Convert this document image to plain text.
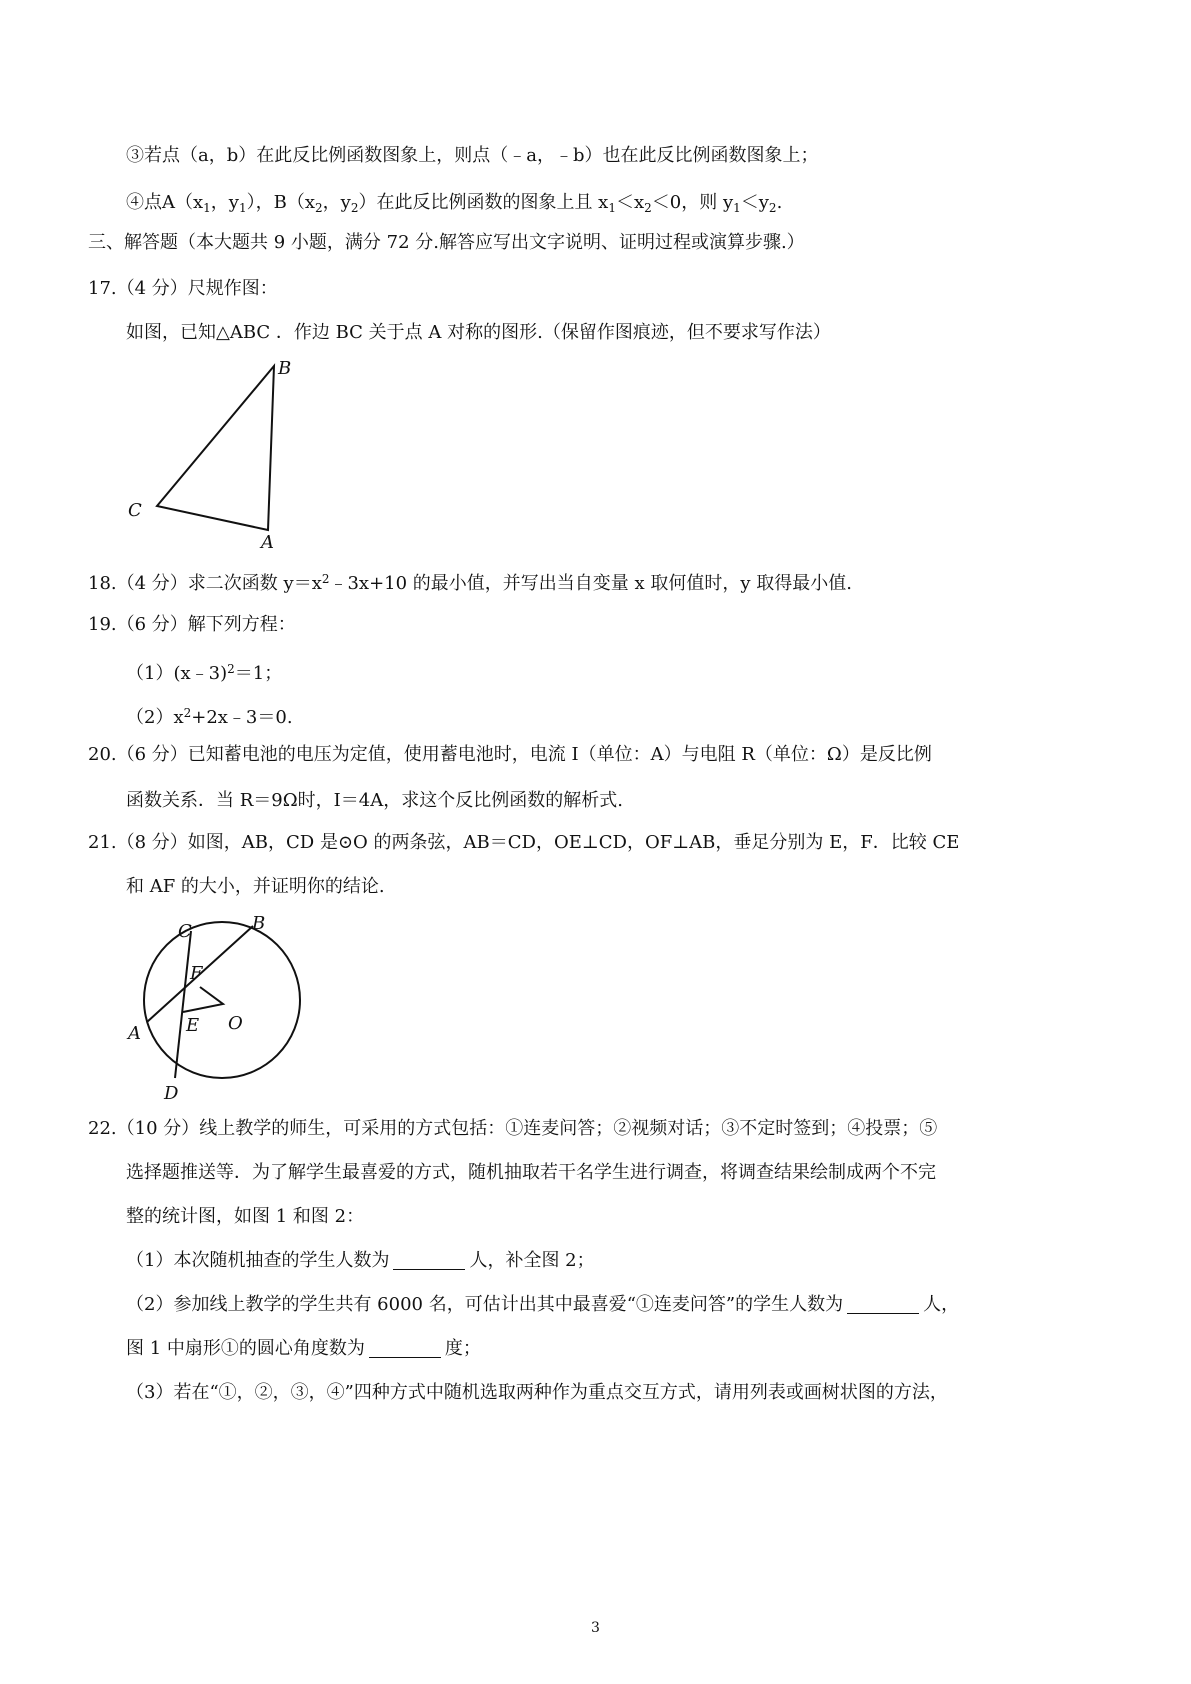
③若点（a，b）在此反比例函数图象上，则点（﹣a，﹣b）也在此反比例函数图象上；
④点$A(x_1$，$y_1$），$B(x_2$，$y_2$）在此反比例函数的图象上且 $x_1<x_2<0$，则 $y_1<y_2$.
三、解答题（本大题共 9 小题，满分 72 分.解答应写出文字说明、证明过程或演算步骤.）
17.（4 分）尺规作图：
如图，已知△ABC ．作边 BC 关于点 A 对称的图形.（保留作图痕迹，但不要求写作法）
B
C
A
18.（4 分）求二次函数 $y=x^2﹣3x+10$ 的最小值，并写出当自变量 x 取何值时，y 取得最小值.
19.（6 分）解下列方程：
（1）(x﹣3)$^2$＝1；
$(2)x^2+2x﹣3=0$.
20.（6 分）已知蓄电池的电压为定值，使用蓄电池时，电流 I（单位：A）与电阻 R（单位：Ω）是反比例
函数关系．当 R＝9Ω时，I＝4A，求这个反比例函数的解析式.
21.（8 分）如图，AB，CD 是⊙O 的两条弦，AB＝CD，OE⊥CD，OF⊥AB，垂足分别为 E，F．比较 CE
和 AF 的大小，并证明你的结论.
C	B
F
A	E O
D
22.（10 分）线上教学的师生，可采用的方式包括：①连麦问答；②视频对话；③不定时签到；④投票；⑤
选择题推送等．为了解学生最喜爱的方式，随机抽取若干名学生进行调查，将调查结果绘制成两个不完
整的统计图，如图 1 和图 2：
（1）本次随机抽查的学生人数为	人，补全图 2；
（2）参加线上教学的学生共有 6000 名，可估计出其中最喜爱“①连麦问答”的学生人数为	人，
图 1 中扇形①的圆心角度数为	度；
（3）若在“①，②，③，④”四种方式中随机选取两种作为重点交互方式，请用列表或画树状图的方法，
3
